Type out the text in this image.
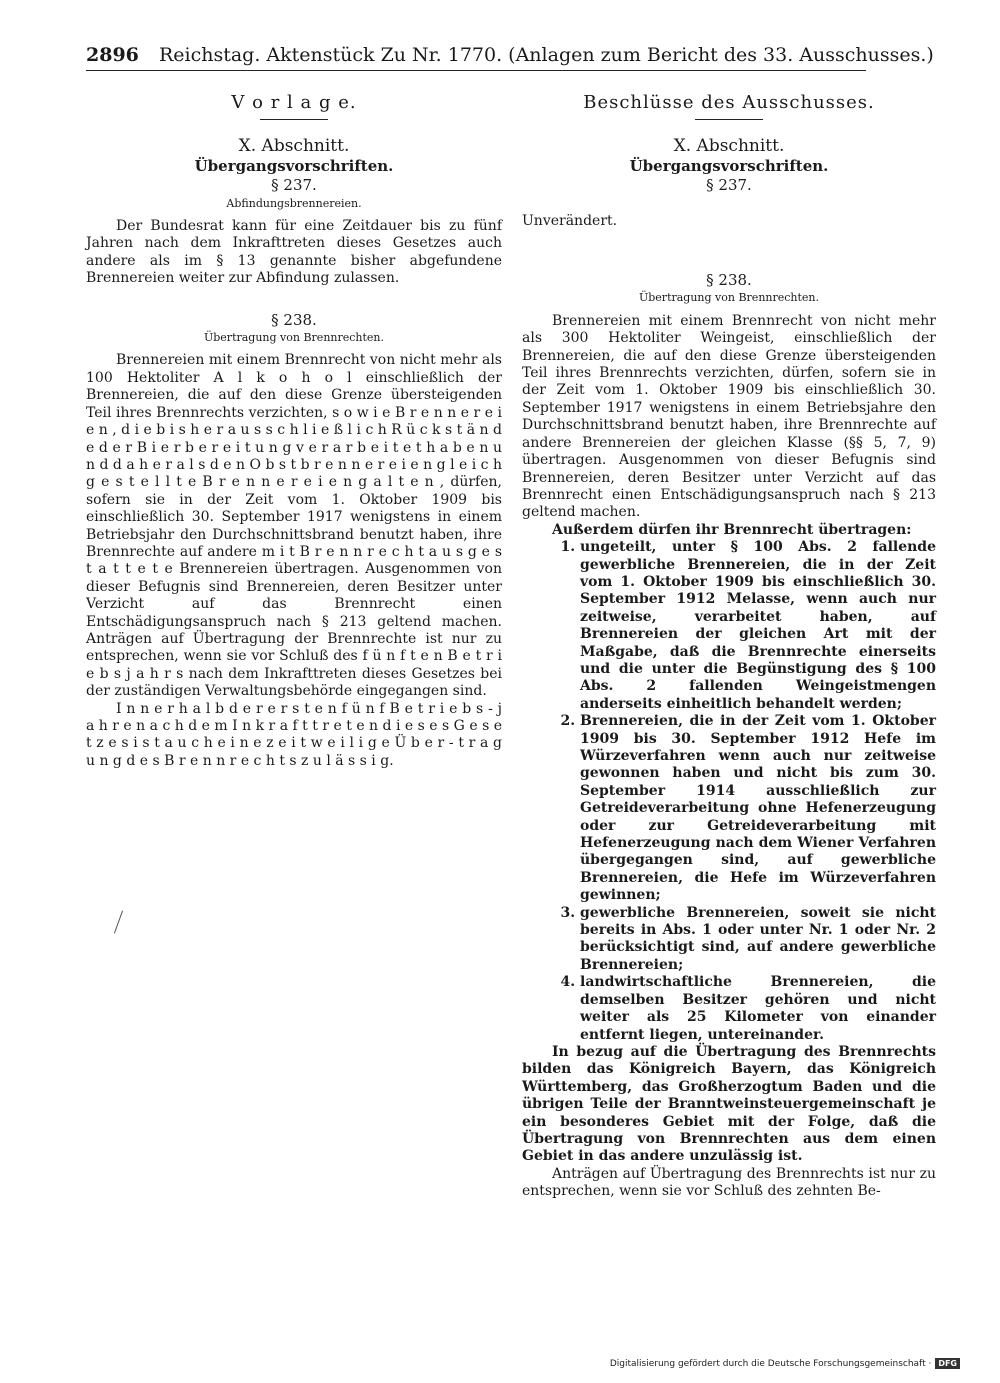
2896 Reichstag. Aktenstück Zu Nr. 1770. (Anlagen zum Bericht des 33. Ausschusses.)
V o r l a g e.
X. Abschnitt.
Übergangsvorschriften.
§ 237.
Abfindungsbrennereien.

Der Bundesrat kann für eine Zeitdauer bis zu fünf Jahren nach dem Inkrafttreten dieses Gesetzes auch andere als im § 13 genannte bisher abgefundene Brennereien weiter zur Abfindung zulassen.

§ 238.
Übertragung von Brennrechten.

Brennereien mit einem Brennrecht von nicht mehr als 100 Hektoliter A l k o h o l einschließlich der Brennereien, die auf den diese Grenze übersteigenden Teil ihres Brennrechts verzichten, s o w i e B r e n n e r e i e n , d i e b i s h e r a u s s c h l i e ß l i c h R ü c k s t ä n d e d e r B i e r b e r e i t u n g v e r a r b e i t e t h a b e n u n d d a h e r a l s d e n O b s t b r e n n e r e i e n g l e i c h g e s t e l l t e B r e n n e r e i e n g a l t e n , dürfen, sofern sie in der Zeit vom 1. Oktober 1909 bis einschließlich 30. September 1917 wenigstens in einem Betriebsjahr den Durchschnittsbrand benutzt haben, ihre Brennrechte auf andere m i t B r e n n r e c h t a u s g e s t a t t e t e Brennereien übertragen. Ausgenommen von dieser Befugnis sind Brennereien, deren Besitzer unter Verzicht auf das Brennrecht einen Entschädigungsanspruch nach § 213 geltend machen. Anträgen auf Übertragung der Brennrechte ist nur zu entsprechen, wenn sie vor Schluß des f ü n f t e n B e t r i e b s j a h r s nach dem Inkrafttreten dieses Gesetzes bei der zuständigen Verwaltungsbehörde eingegangen sind.

I n n e r h a l b d e r e r s t e n f ü n f B e t r i e b s - j a h r e n a c h d e m I n k r a f t t r e t e n d i e s e s G e s e t z e s i s t a u c h e i n e z e i t w e i l i g e Ü b e r - t r a g u n g d e s B r e n n r e c h t s z u l ä s s i g.

Beschlüsse des Ausschusses.
X. Abschnitt.
Übergangsvorschriften.
§ 237.

Unverändert.

§ 238.
Übertragung von Brennrechten.

Brennereien mit einem Brennrecht von nicht mehr als 300 Hektoliter Weingeist, einschließlich der Brennereien, die auf den diese Grenze übersteigenden Teil ihres Brennrechts verzichten, dürfen, sofern sie in der Zeit vom 1. Oktober 1909 bis einschließlich 30. September 1917 wenigstens in einem Betriebsjahre den Durchschnittsbrand benutzt haben, ihre Brennrechte auf andere Brennereien der gleichen Klasse (§§ 5, 7, 9) übertragen. Ausgenommen von dieser Befugnis sind Brennereien, deren Besitzer unter Verzicht auf das Brennrecht einen Entschädigungsanspruch nach § 213 geltend machen.

Außerdem dürfen ihr Brennrecht übertragen:

1. ungeteilt, unter § 100 Abs. 2 fallende gewerbliche Brennereien, die in der Zeit vom 1. Oktober 1909 bis einschließlich 30. September 1912 Melasse, wenn auch nur zeitweise, verarbeitet haben, auf Brennereien der gleichen Art mit der Maßgabe, daß die Brennrechte einerseits und die unter die Begünstigung des § 100 Abs. 2 fallenden Weingeistmengen anderseits einheitlich behandelt werden;
2. Brennereien, die in der Zeit vom 1. Oktober 1909 bis 30. September 1912 Hefe im Würzeverfahren wenn auch nur zeitweise gewonnen haben und nicht bis zum 30. September 1914 ausschließlich zur Getreideverarbeitung ohne Hefenerzeugung oder zur Getreideverarbeitung mit Hefenerzeugung nach dem Wiener Verfahren übergegangen sind, auf gewerbliche Brennereien, die Hefe im Würzeverfahren gewinnen;
3. gewerbliche Brennereien, soweit sie nicht bereits in Abs. 1 oder unter Nr. 1 oder Nr. 2 berücksichtigt sind, auf andere gewerbliche Brennereien;
4. landwirtschaftliche Brennereien, die demselben Besitzer gehören und nicht weiter als 25 Kilometer von einander entfernt liegen, untereinander.

In bezug auf die Übertragung des Brennrechts bilden das Königreich Bayern, das Königreich Württemberg, das Großherzogtum Baden und die übrigen Teile der Branntweinsteuergemeinschaft je ein besonderes Gebiet mit der Folge, daß die Übertragung von Brennrechten aus dem einen Gebiet in das andere unzulässig ist.

Anträgen auf Übertragung des Brennrechts ist nur zu entsprechen, wenn sie vor Schluß des zehnten Be-

Digitalisierung gefördert durch die Deutsche Forschungsgemeinschaft · DFG
